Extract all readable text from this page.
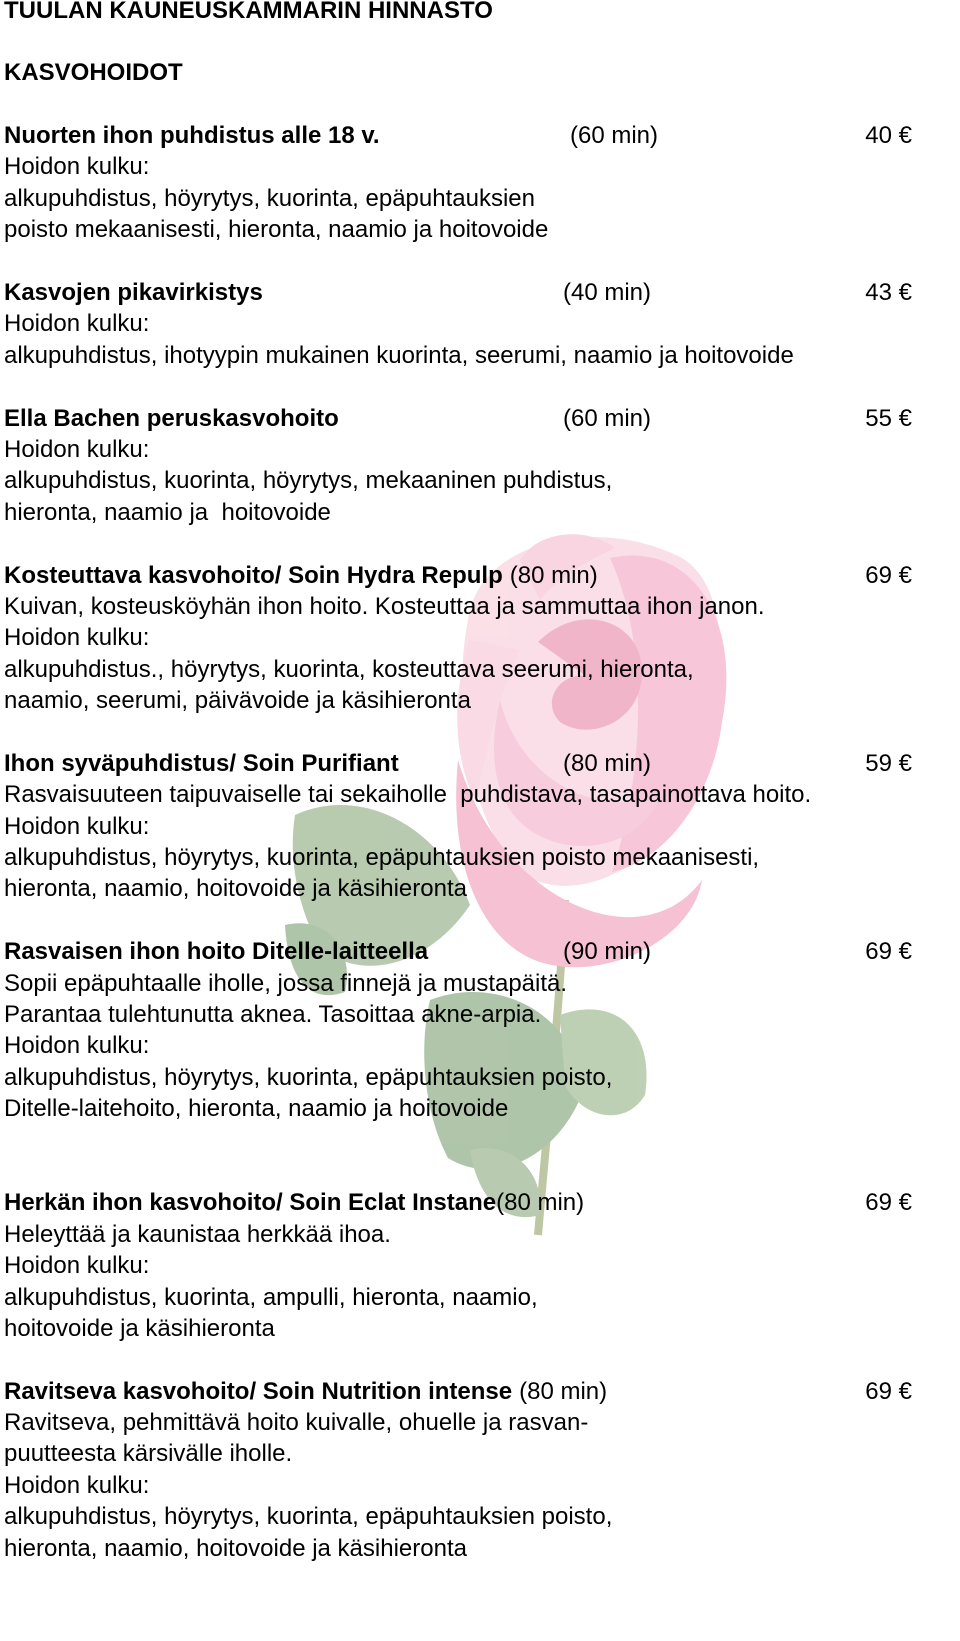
TUULAN KAUNEUSKAMMARIN HINNASTO
KASVOHOIDOT
Nuorten ihon puhdistus alle 18 v.	(60 min)	40 €
Hoidon kulku:
alkupuhdistus, höyrytys, kuorinta, epäpuhtauksien
poisto mekaanisesti, hieronta, naamio ja hoitovoide
Kasvojen pikavirkistys	(40 min)	43 €
Hoidon kulku:
alkupuhdistus, ihotyypin mukainen kuorinta, seerumi, naamio ja hoitovoide
Ella Bachen peruskasvohoito	(60 min)	55 €
Hoidon kulku:
alkupuhdistus, kuorinta, höyrytys, mekaaninen puhdistus,
hieronta, naamio ja  hoitovoide
Kosteuttava kasvohoito/ Soin Hydra Repulp (80 min)	69 €
Kuivan, kosteusköyhän ihon hoito. Kosteuttaa ja sammuttaa ihon janon.
Hoidon kulku:
alkupuhdistus., höyrytys, kuorinta, kosteuttava seerumi, hieronta,
naamio, seerumi, päivävoide ja käsihieronta
Ihon syväpuhdistus/ Soin Purifiant	(80 min)	59 €
Rasvaisuuteen taipuvaiselle tai sekaiholle  puhdistava, tasapainottava hoito.
Hoidon kulku:
alkupuhdistus, höyrytys, kuorinta, epäpuhtauksien poisto mekaanisesti,
hieronta, naamio, hoitovoide ja käsihieronta
Rasvaisen ihon hoito Ditelle-laitteella	(90 min)	69 €
Sopii epäpuhtaalle iholle, jossa finnejä ja mustapäitä.
Parantaa tulehtunutta aknea. Tasoittaa akne-arpia.
Hoidon kulku:
alkupuhdistus, höyrytys, kuorinta, epäpuhtauksien poisto,
Ditelle-laitehoito, hieronta, naamio ja hoitovoide
Herkän ihon kasvohoito/ Soin Eclat Instane(80 min)	69 €
Heleyttää ja kaunistaa herkkää ihoa.
Hoidon kulku:
alkupuhdistus, kuorinta, ampulli, hieronta, naamio,
hoitovoide ja käsihieronta
Ravitseva kasvohoito/ Soin Nutrition intense (80 min)	69 €
Ravitseva, pehmittävä hoito kuivalle, ohuelle ja rasvan-
puutteesta kärsivälle iholle.
Hoidon kulku:
alkupuhdistus, höyrytys, kuorinta, epäpuhtauksien poisto,
hieronta, naamio, hoitovoide ja käsihieronta
